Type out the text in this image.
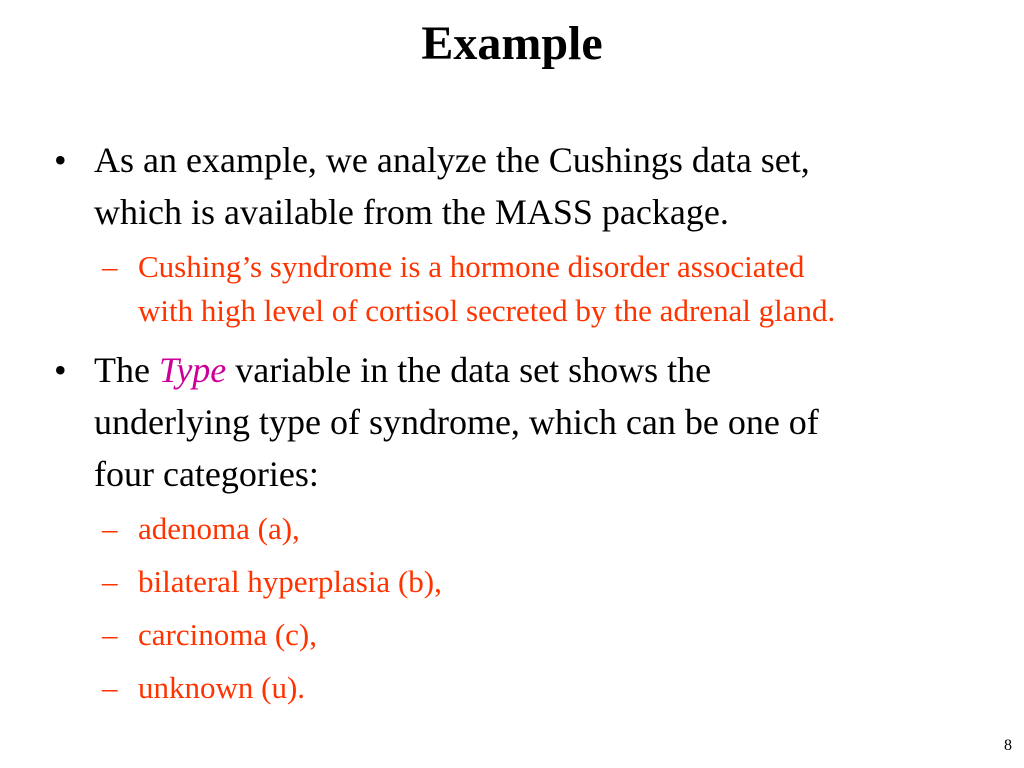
Example
• As an example, we analyze the Cushings data set,
which is available from the MASS package.
– Cushing’s syndrome is a hormone disorder associated
with high level of cortisol secreted by the adrenal gland.
• The Type variable in the data set shows the
underlying type of syndrome, which can be one of
four categories:
– adenoma (a),
– bilateral hyperplasia (b),
– carcinoma (c),
– unknown (u).
8
